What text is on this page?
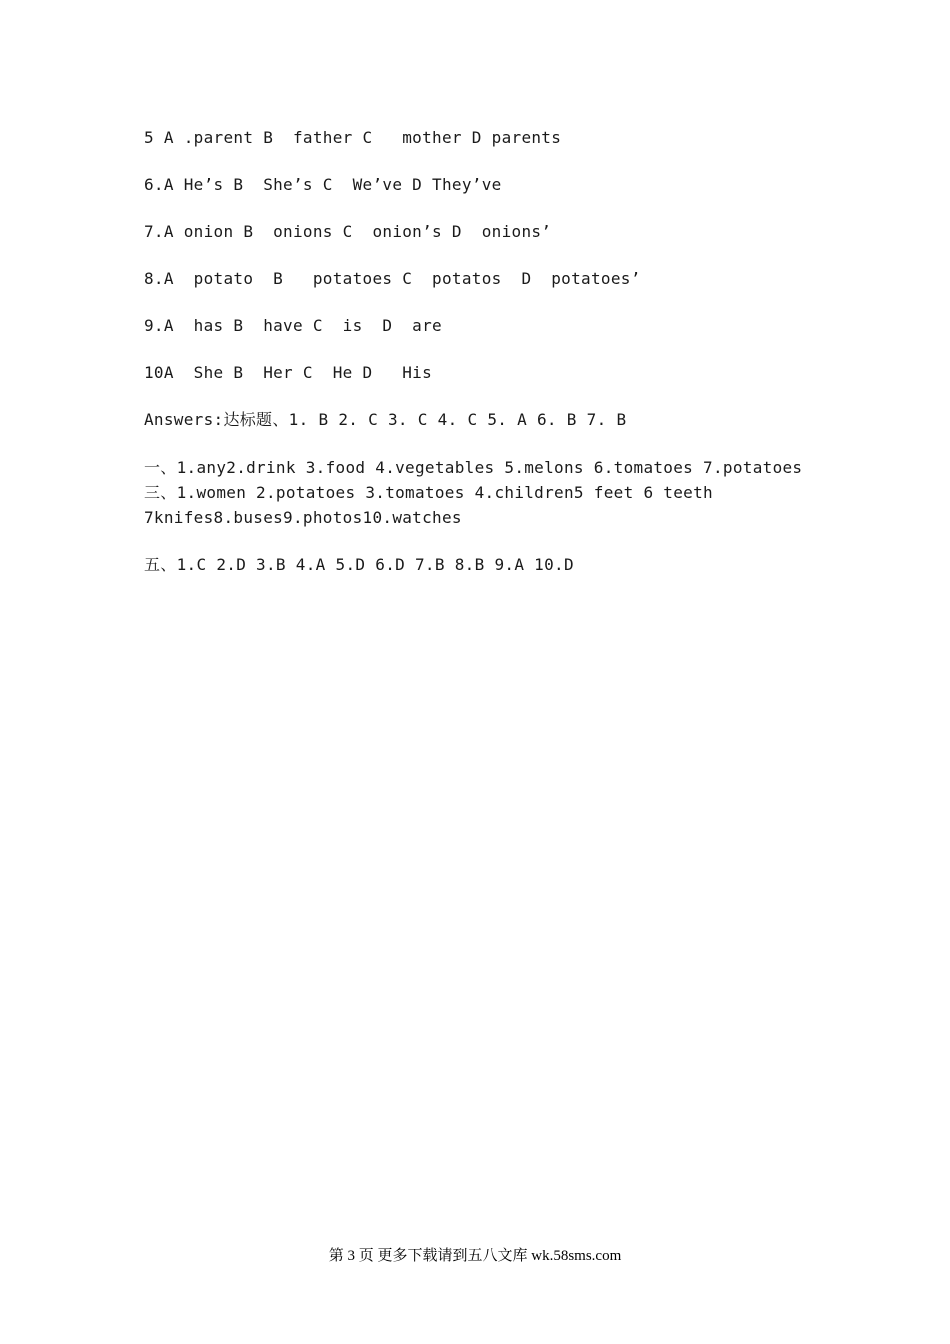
5 A .parent B  father C   mother D parents
6.A He’s B  She’s C  We’ve D They’ve
7.A onion B  onions C  onion’s D  onions’
8.A  potato  B   potatoes C  potatos  D  potatoes’
9.A  has B  have C  is  D  are
10A  She B  Her C  He D   His
Answers:达标题、1. B 2. C 3. C 4. C 5. A 6. B 7. B
一、1.any2.drink 3.food 4.vegetables 5.melons 6.tomatoes 7.potatoes
三、1.women 2.potatoes 3.tomatoes 4.children5 feet 6 teeth
7knifes8.buses9.photos10.watches
五、1.C 2.D 3.B 4.A 5.D 6.D 7.B 8.B 9.A 10.D
第 3 页 更多下载请到五八文库 wk.58sms.com
